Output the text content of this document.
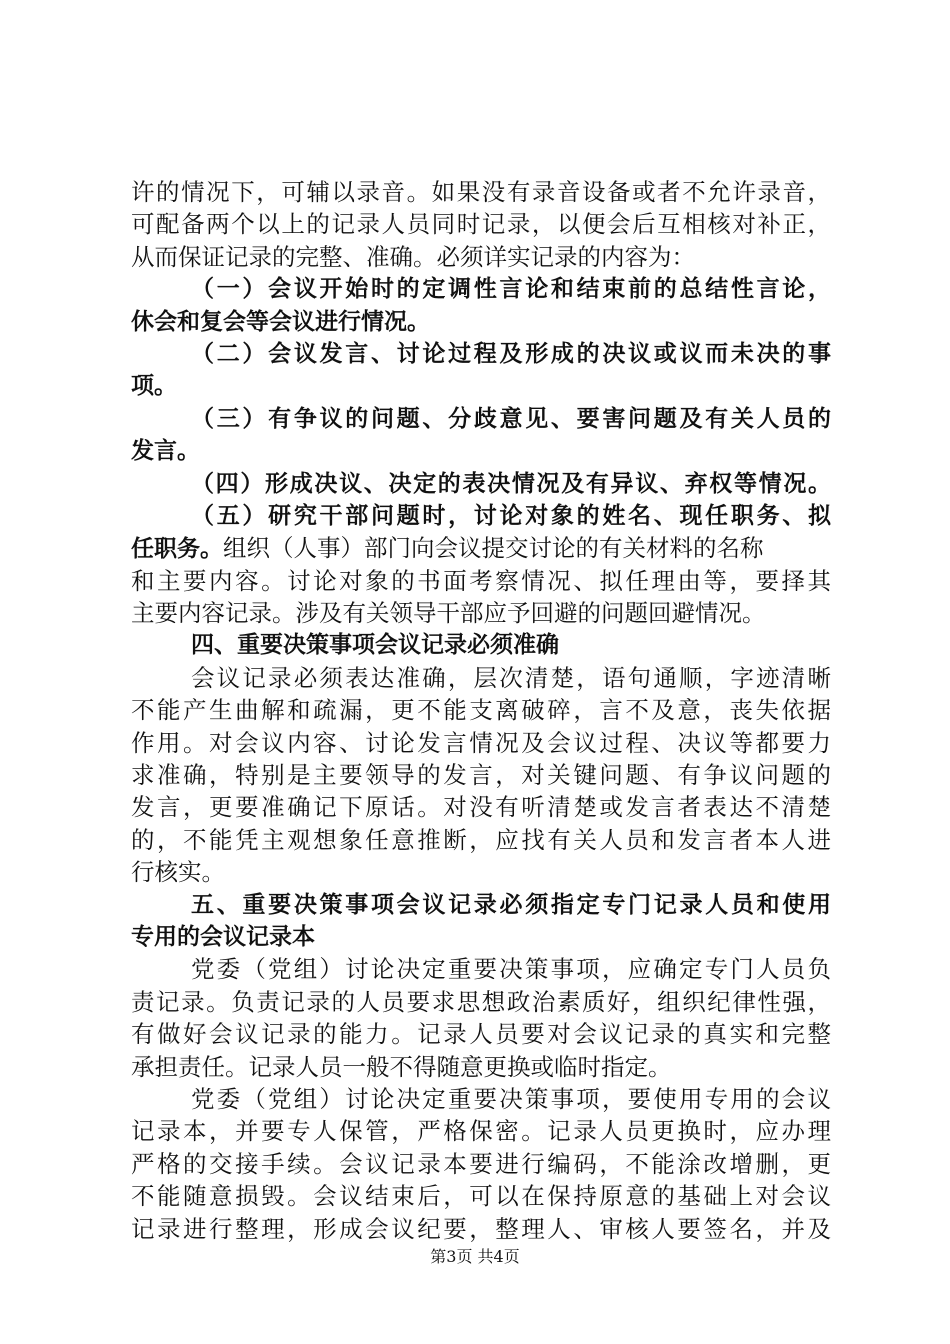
许的情况下，可辅以录音。如果没有录音设备或者不允许录音，
可配备两个以上的记录人员同时记录，以便会后互相核对补正，
从而保证记录的完整、准确。必须详实记录的内容为：
（一）会议开始时的定调性言论和结束前的总结性言论，
休会和复会等会议进行情况。
（二）会议发言、讨论过程及形成的决议或议而未决的事
项。
（三）有争议的问题、分歧意见、要害问题及有关人员的
发言。
（四）形成决议、决定的表决情况及有异议、弃权等情况。
（五）研究干部问题时，讨论对象的姓名、现任职务、拟
任职务。组织（人事）部门向会议提交讨论的有关材料的名称
和主要内容。讨论对象的书面考察情况、拟任理由等，要择其
主要内容记录。涉及有关领导干部应予回避的问题回避情况。
四、重要决策事项会议记录必须准确
会议记录必须表达准确，层次清楚，语句通顺，字迹清晰
不能产生曲解和疏漏，更不能支离破碎，言不及意，丧失依据
作用。对会议内容、讨论发言情况及会议过程、决议等都要力
求准确，特别是主要领导的发言，对关键问题、有争议问题的
发言，更要准确记下原话。对没有听清楚或发言者表达不清楚
的，不能凭主观想象任意推断，应找有关人员和发言者本人进
行核实。
五、重要决策事项会议记录必须指定专门记录人员和使用
专用的会议记录本
党委（党组）讨论决定重要决策事项，应确定专门人员负
责记录。负责记录的人员要求思想政治素质好，组织纪律性强，
有做好会议记录的能力。记录人员要对会议记录的真实和完整
承担责任。记录人员一般不得随意更换或临时指定。
党委（党组）讨论决定重要决策事项，要使用专用的会议
记录本，并要专人保管，严格保密。记录人员更换时，应办理
严格的交接手续。会议记录本要进行编码，不能涂改增删，更
不能随意损毁。会议结束后，可以在保持原意的基础上对会议
记录进行整理，形成会议纪要，整理人、审核人要签名，并及
第3页 共4页
